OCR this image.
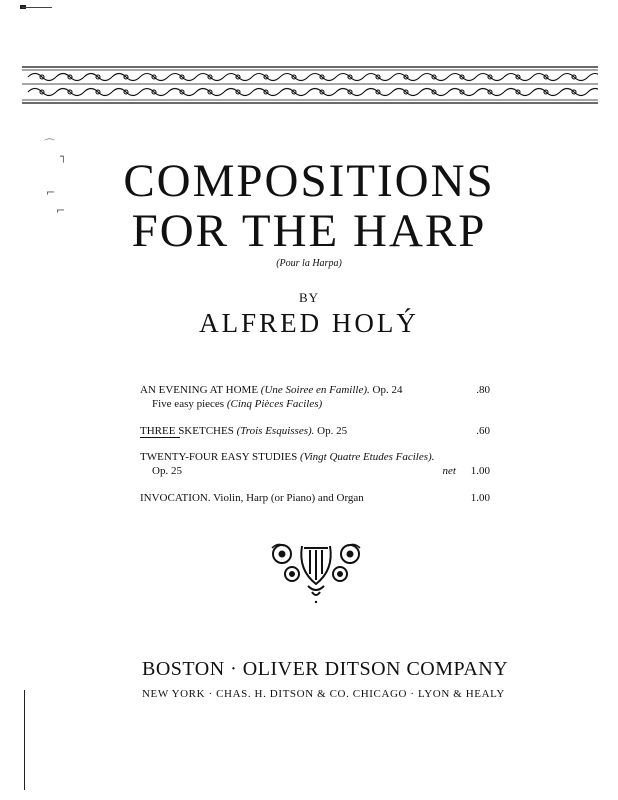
⌒
┐
⌐
⌐
COMPOSITIONS
FOR THE HARP
(Pour la Harpa)
BY
ALFRED HOLÝ
AN EVENING AT HOME (Une Soiree en Famille). Op. 24	.80
Five easy pieces (Cinq Pièces Faciles)
THREE SKETCHES (Trois Esquisses). Op. 25	.60
TWENTY-FOUR EASY STUDIES (Vingt Quatre Etudes Faciles).
Op. 25	net 1.00
INVOCATION. Violin, Harp (or Piano) and Organ	1.00
BOSTON · OLIVER DITSON COMPANY
NEW YORK · CHAS. H. DITSON & CO. CHICAGO · LYON & HEALY
